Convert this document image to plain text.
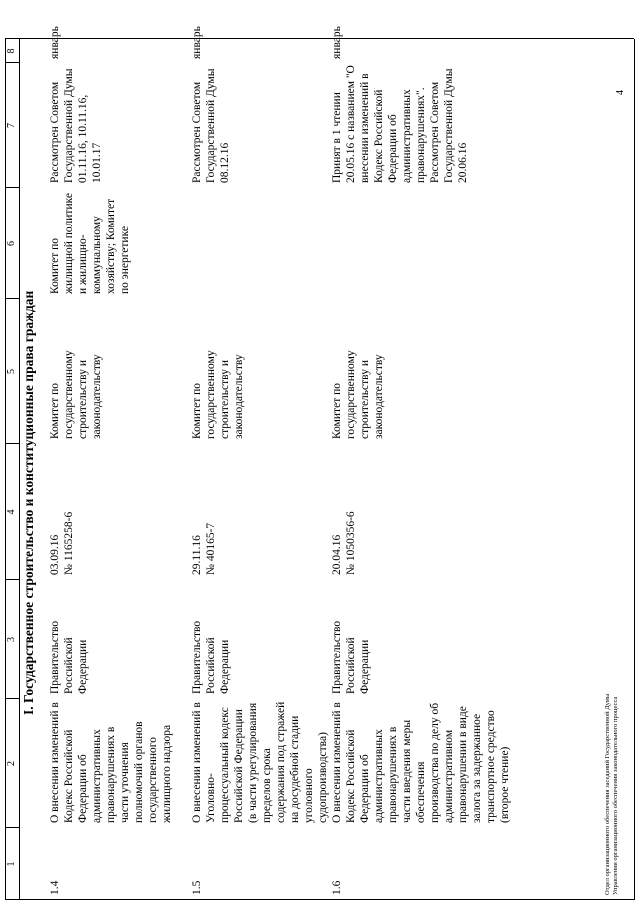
1
2
3
4
5
6
7
8
I. Государственное строительство и конституционные права граждан
1.4
О внесении изменений в Кодекс Российской Федерации об административных правонарушениях в части уточнения полномочий органов государственного жилищного надзора
Правительство Российской Федерации
03.09.16 № 1165258-6
Комитет по государственному строительству и законодательству
Комитет по жилищной политике и жилищно-коммунальному хозяйству; Комитет по энергетике
Рассмотрен Советом Государственной Думы 01.11.16, 10.11.16, 10.01.17
январь
1.5
О внесении изменений в Уголовно-процессуальный кодекс Российской Федерации (в части урегулирования пределов срока содержания под стражей на досудебной стадии уголовного судопроизводства)
Правительство Российской Федерации
29.11.16 № 40165-7
Комитет по государственному строительству и законодательству
Рассмотрен Советом Государственной Думы 08.12.16
январь
1.6
О внесении изменений в Кодекс Российской Федерации об административных правонарушениях в части введения меры обеспечения производства по делу об административном правонарушении в виде залога за задержанное транспортное средство (второе чтение)
Правительство Российской Федерации
20.04.16 № 1050356-6
Комитет по государственному строительству и законодательству
Принят в 1 чтении 20.05.16 с названием "О внесении изменений в Кодекс Российской Федерации об административных правонарушениях". Рассмотрен Советом Государственной Думы 20.06.16
январь
Отдел организационного обеспечения заседаний Государственной Думы Управления организационного обеспечения законодательного процесса
4
